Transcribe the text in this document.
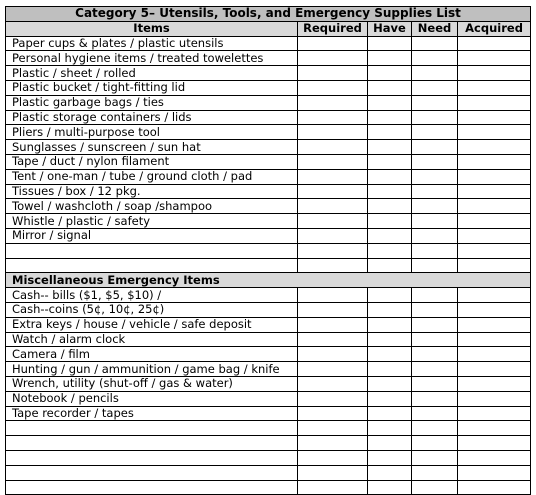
Category 5– Utensils, Tools, and Emergency Supplies List				
Items	Required	Have	Need	Acquired
Paper cups & plates / plastic utensils				
Personal hygiene items / treated towelettes				
Plastic / sheet / rolled				
Plastic bucket / tight-fitting lid				
Plastic garbage bags / ties				
Plastic storage containers / lids				
Pliers / multi-purpose tool				
Sunglasses / sunscreen / sun hat				
Tape / duct / nylon filament				
Tent / one-man / tube / ground cloth / pad				
Tissues / box / 12 pkg.				
Towel / washcloth / soap /shampoo				
Whistle / plastic / safety				
Mirror / signal				

Miscellaneous Emergency Items				
Cash-- bills ($1, $5, $10) /				
Cash--coins (5¢, 10¢, 25¢)				
Extra keys / house / vehicle / safe deposit				
Watch / alarm clock				
Camera / film				
Hunting / gun / ammunition / game bag / knife				
Wrench, utility (shut-off / gas & water)				
Notebook / pencils				
Tape recorder / tapes				
